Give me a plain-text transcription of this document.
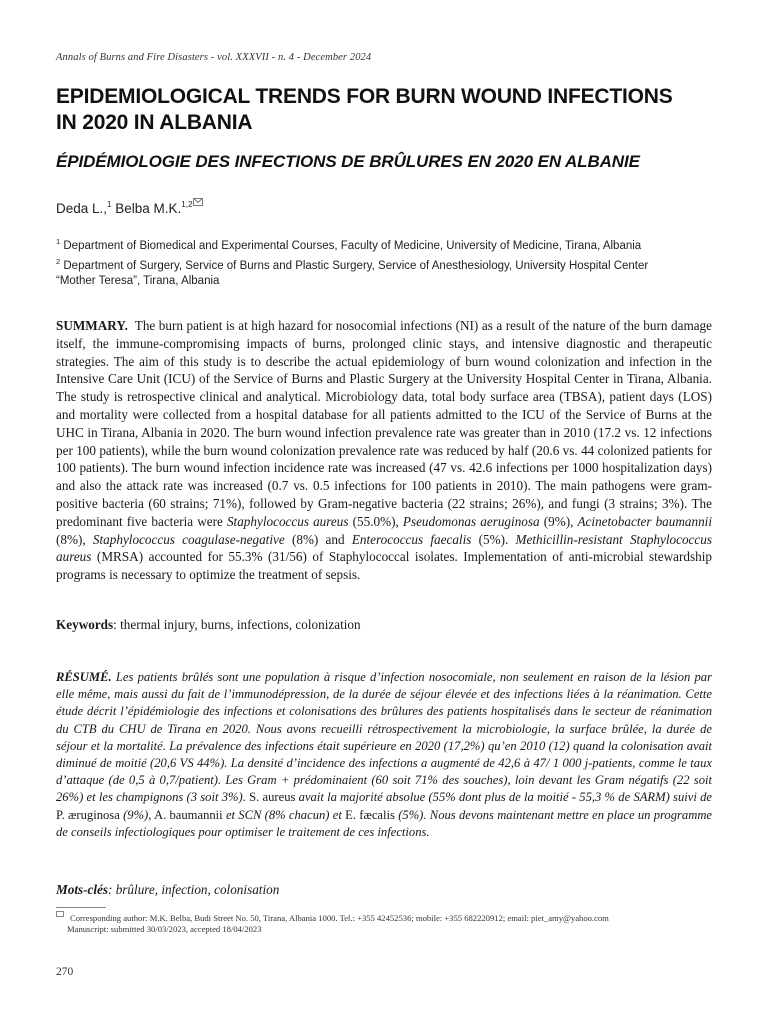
Annals of Burns and Fire Disasters - vol. XXXVII - n. 4 - December 2024
EPIDEMIOLOGICAL TRENDS FOR BURN WOUND INFECTIONS
IN 2020 IN ALBANIA
ÉPIDÉMIOLOGIE DES INFECTIONS DE BRÛLURES EN 2020 EN ALBANIE
Deda L.,$^1$ Belba M.K.$^{1,2}$

$^1$ Department of Biomedical and Experimental Courses, Faculty of Medicine, University of Medicine, Tirana, Albania

$^2$ Department of Surgery, Service of Burns and Plastic Surgery, Service of Anesthesiology, University Hospital Center

“Mother Teresa”, Tirana, Albania

SUMMARY. The burn patient is at high hazard for nosocomial infections (NI) as a result of the nature of the burn damage itself, the immune-compromising impacts of burns, prolonged clinic stays, and intensive diagnostic and therapeutic strategies. The aim of this study is to describe the actual epidemiology of burn wound colonization and infection in the Intensive Care Unit (ICU) of the Service of Burns and Plastic Surgery at the University Hospital Center in Tirana, Albania. The study is retrospective clinical and analytical. Microbiology data, total body surface area (TBSA), patient days (LOS) and mortality were collected from a hospital database for all patients admitted to the ICU of the Service of Burns at the UHC in Tirana, Albania in 2020. The burn wound infection prevalence rate was greater than in 2010 (17.2 vs. 12 infections per 100 patients), while the burn wound colonization prevalence rate was reduced by half (20.6 vs. 44 colonized patients for 100 patients). The burn wound infection incidence rate was increased (47 vs. 42.6 infections per 1000 hospitalization days) and also the attack rate was increased (0.7 vs. 0.5 infections for 100 patients in 2010). The main pathogens were gram-positive bacteria (60 strains; 71%), followed by Gram-negative bacteria (22 strains; 26%), and fungi (3 strains; 3%). The predominant five bacteria were Staphylococcus aureus (55.0%), Pseudomonas aeruginosa (9%), Acinetobacter baumannii (8%), Staphylococcus coagulase-negative (8%) and Enterococcus faecalis (5%). Methicillin-resistant Staphylococcus aureus (MRSA) accounted for 55.3% (31/56) of Staphylococcal isolates. Implementation of anti-microbial stewardship programs is necessary to optimize the treatment of sepsis.
Keywords: thermal injury, burns, infections, colonization
RÉSUMÉ. Les patients brûlés sont une population à risque d’infection nosocomiale, non seulement en raison de la lésion par elle même, mais aussi du fait de l’immunodépression, de la durée de séjour élevée et des infections liées à la réanimation. Cette étude décrit l’épidémiologie des infections et colonisations des brûlures des patients hospitalisés dans le secteur de réanimation du CTB du CHU de Tirana en 2020. Nous avons recueilli rétrospectivement la microbiologie, la surface brûlée, la durée de séjour et la mortalité. La prévalence des infections était supérieure en 2020 (17,2%) qu’en 2010 (12) quand la colonisation avait diminué de moitié (20,6 VS 44%). La densité d’incidence des infections a augmenté de 42,6 à 47/ 1 000 j-patients, comme le taux d’attaque (de 0,5 à 0,7/patient). Les Gram + prédominaient (60 soit 71% des souches), loin devant les Gram négatifs (22 soit 26%) et les champignons (3 soit 3%). S. aureus avait la majorité absolue (55% dont plus de la moitié - 55,3 % de SARM) suivi de P. æruginosa (9%), A. baumannii et SCN (8% chacun) et E. fæcalis (5%). Nous devons maintenant mettre en place un programme de conseils infectiologiques pour optimiser le traitement de ces infections.
Mots-clés: brûlure, infection, colonisation

Corresponding author: M.K. Belba, Budi Street No. 50, Tirana, Albania 1000. Tel.: +355 42452536; mobile: +355 682220912; email: piet_amy@yahoo.com

Manuscript: submitted 30/03/2023, accepted 18/04/2023

270
